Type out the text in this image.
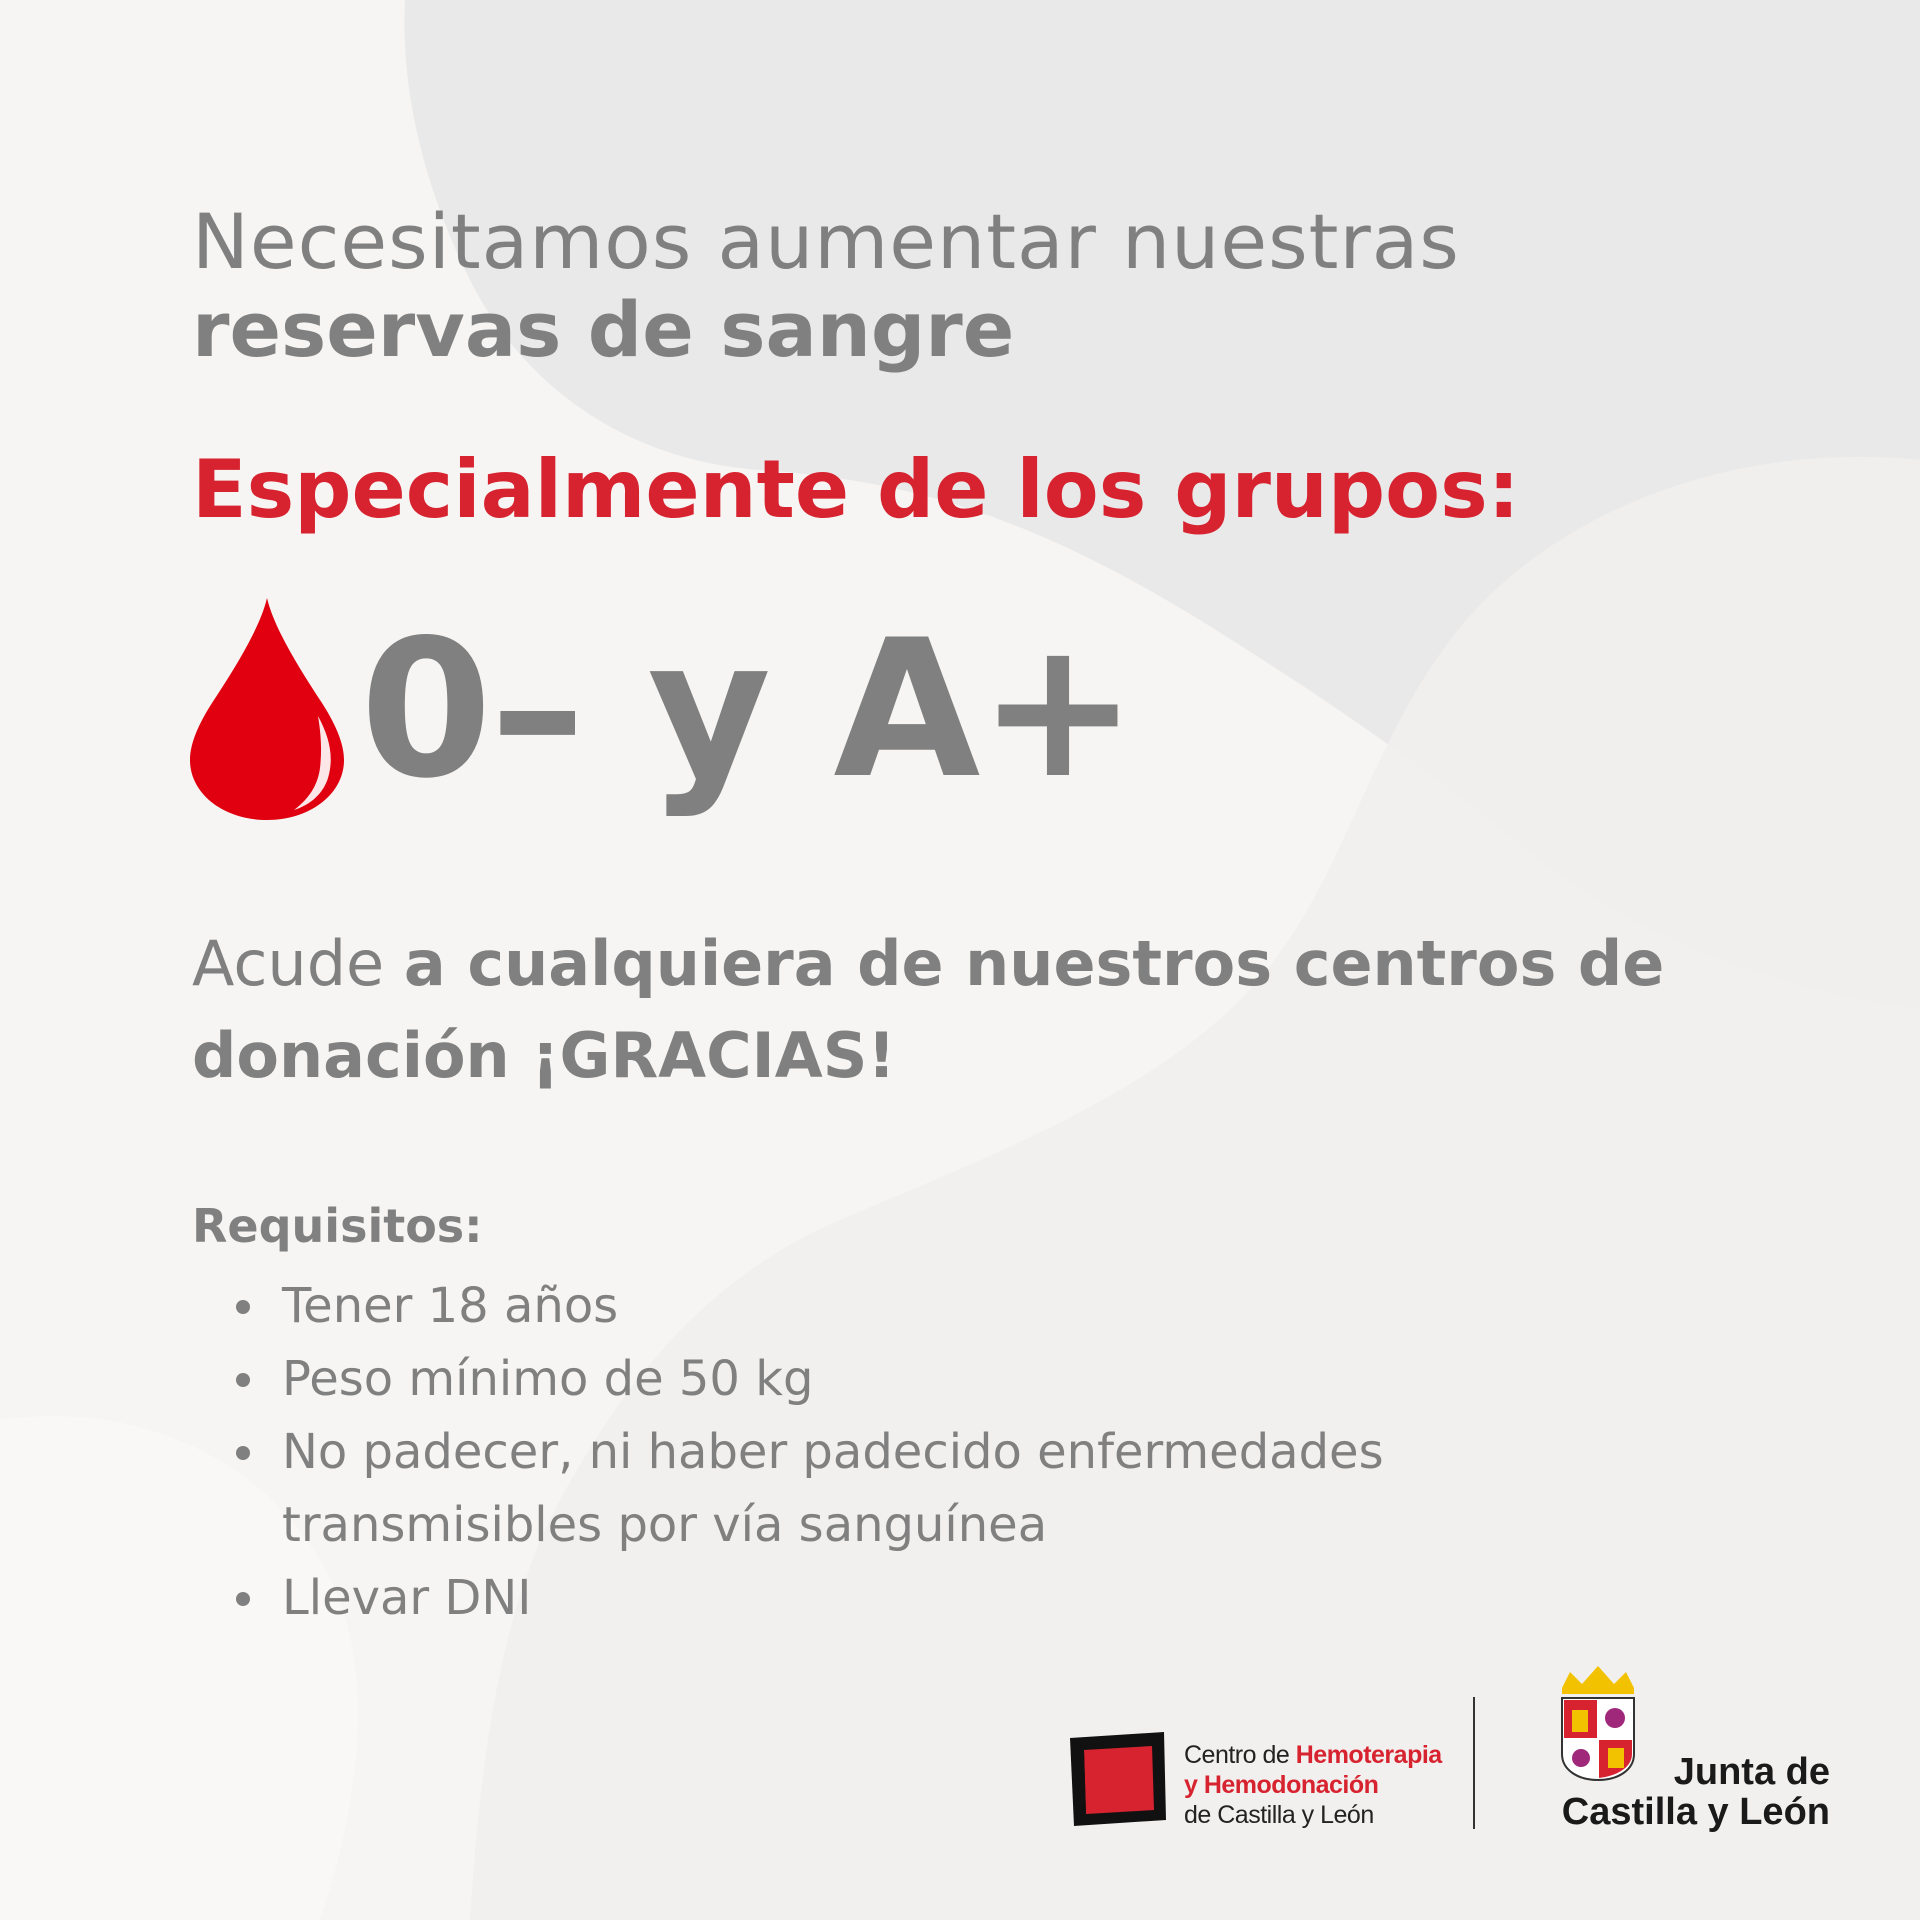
Necesitamos aumentar nuestras
reservas de sangre
Especialmente de los grupos:
0– y A+
Acude a cualquiera de nuestros centros de donación ¡GRACIAS!
Requisitos:
Tener 18 años
Peso mínimo de 50 kg
No padecer, ni haber padecido enfermedades transmisibles por vía sanguínea
Llevar DNI
Centro de Hemoterapia
y Hemodonación
de Castilla y León
Junta de
Castilla y León
